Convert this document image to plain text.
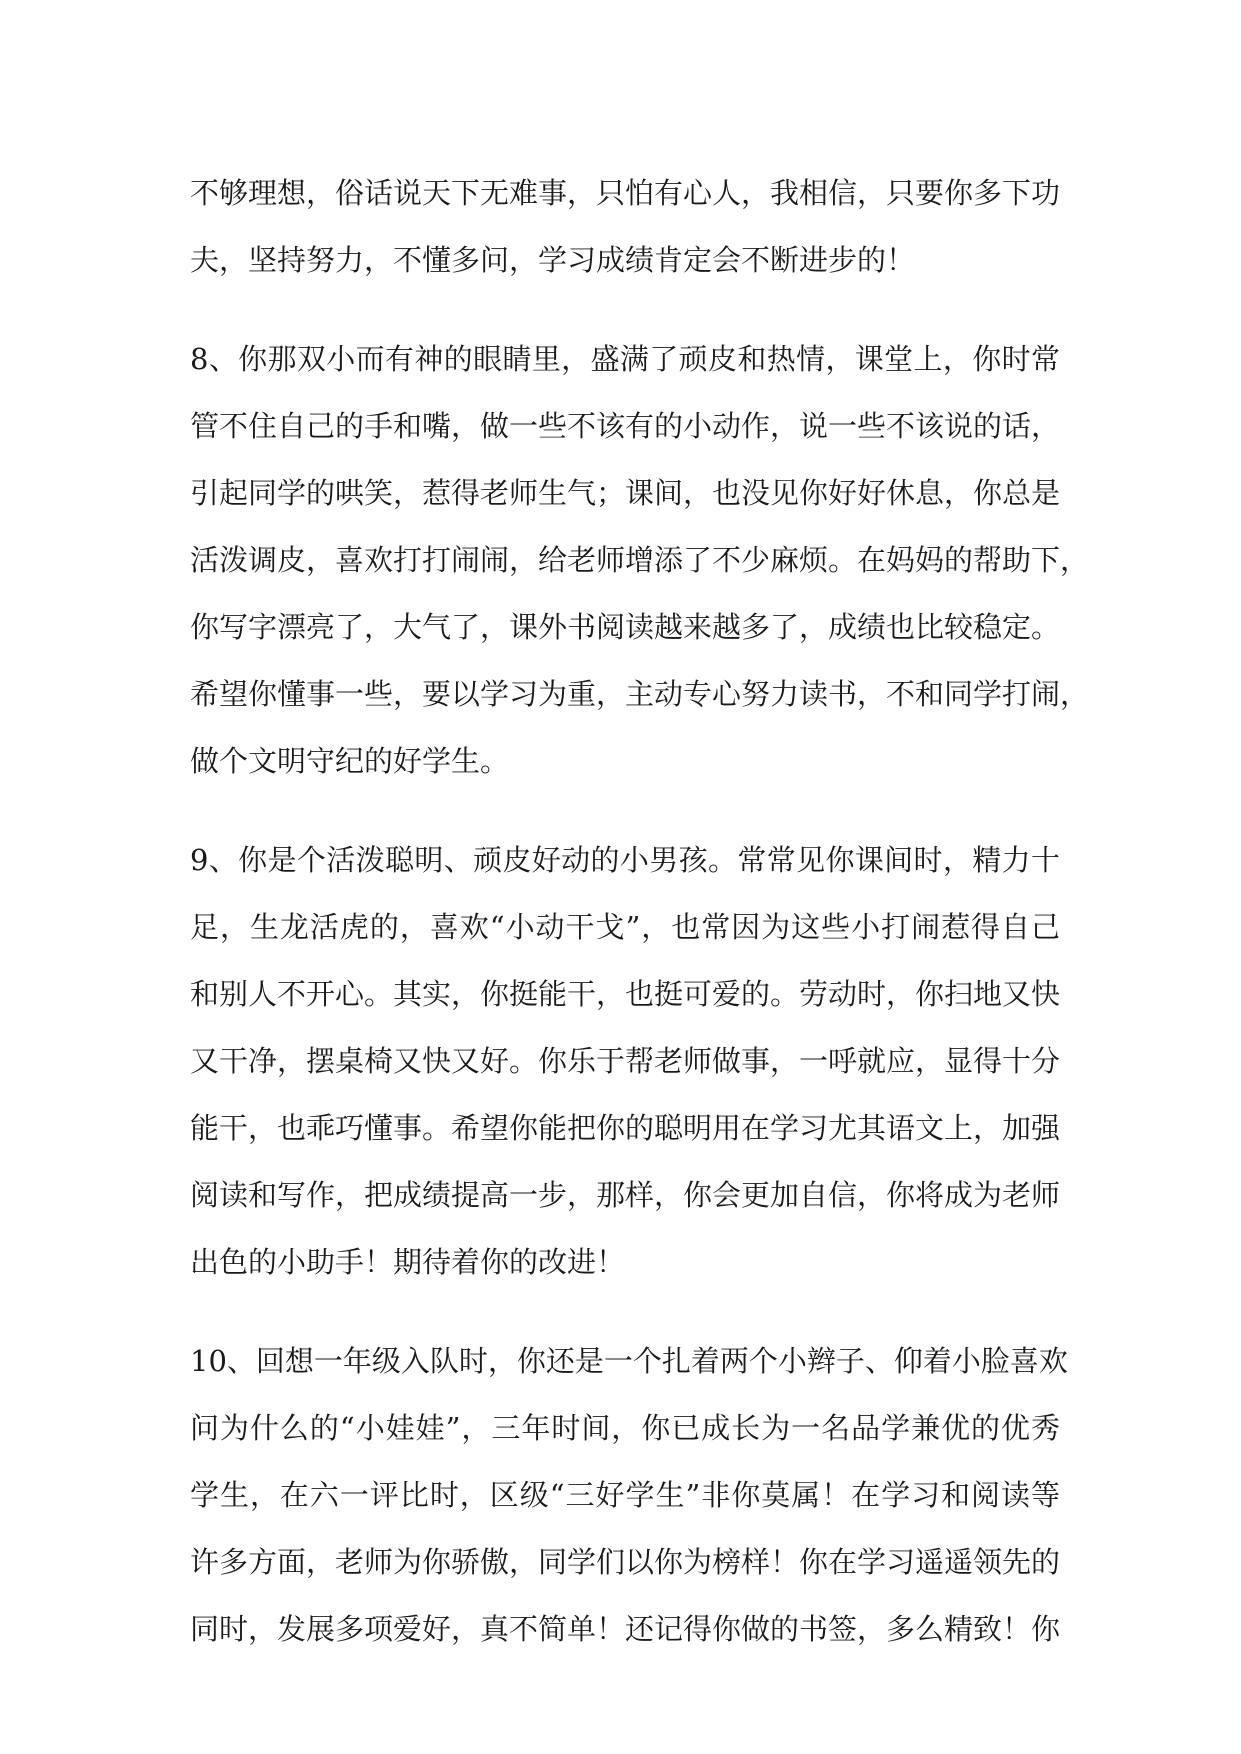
不够理想，俗话说天下无难事，只怕有心人，我相信，只要你多下功
夫，坚持努力，不懂多问，学习成绩肯定会不断进步的！
8、你那双小而有神的眼睛里，盛满了顽皮和热情，课堂上，你时常
管不住自己的手和嘴，做一些不该有的小动作，说一些不该说的话，
引起同学的哄笑，惹得老师生气；课间，也没见你好好休息，你总是
活泼调皮，喜欢打打闹闹，给老师增添了不少麻烦。在妈妈的帮助下，
你写字漂亮了，大气了，课外书阅读越来越多了，成绩也比较稳定。
希望你懂事一些，要以学习为重，主动专心努力读书，不和同学打闹，
做个文明守纪的好学生。
9、你是个活泼聪明、顽皮好动的小男孩。常常见你课间时，精力十
足，生龙活虎的，喜欢“小动干戈”，也常因为这些小打闹惹得自己
和别人不开心。其实，你挺能干，也挺可爱的。劳动时，你扫地又快
又干净，摆桌椅又快又好。你乐于帮老师做事，一呼就应，显得十分
能干，也乖巧懂事。希望你能把你的聪明用在学习尤其语文上，加强
阅读和写作，把成绩提高一步，那样，你会更加自信，你将成为老师
出色的小助手！期待着你的改进！
10、回想一年级入队时，你还是一个扎着两个小辫子、仰着小脸喜欢
问为什么的“小娃娃”，三年时间，你已成长为一名品学兼优的优秀
学生，在六一评比时，区级“三好学生”非你莫属！在学习和阅读等
许多方面，老师为你骄傲，同学们以你为榜样！你在学习遥遥领先的
同时，发展多项爱好，真不简单！还记得你做的书签，多么精致！你
